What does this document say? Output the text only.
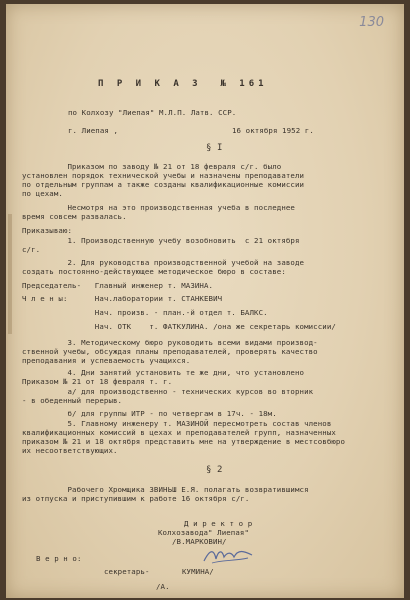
130
П Р И К А З  № 161
по Колхозу "Лиепая" М.Л.П. Латв. ССР.
г. Лиепая ,	16 октября 1952 г.
§ I
Приказом по заводу № 21 от 18 февраля с/г. было
установлен порядок технической учебы и назначены преподаватели
по отдельным группам а также созданы квалификационные комиссии
по цехам.
Несмотря на это производственная учеба в последнее
время совсем развалась.
Приказываю:
1. Производственную учебу возобновить  с 21 октября
с/г.
2. Для руководства производственной учебой на заводе
создать постоянно-действующее методическое бюро в составе:
Председатель-   Главный инженер т. МАЗИНА.
Ч л е н ы:      Нач.лаборатории т. СТАНКЕВИЧ
Нач. произв. - план.-й отдел т. БАЛКС.
Нач. ОТК    т. ФАТКУЛИНА. /она же секретарь комиссии/
3. Методическому бюро руководить всеми видами производ-
ственной учебы, обсуждая планы преподавателей, проверять качество
преподавания и успеваемость учащихся.
4. Дни занятий установить те же дни, что установлено
Приказом № 21 от 18 февраля т. г.
а/ для производственно - технических курсов во вторник
- в обеденный перерыв.
б/ для группы ИТР - по четвергам в 17ч. - 18м.
5. Главному инженеру т. МАЗИНОЙ пересмотреть состав членов
квалификационных комиссий в цехах и преподавателей групп, назначенных
приказом № 21 и 18 октября представить мне на утверждение в местсовбюро
их несоответствующих.
§ 2
Рабочего Хромщика ЗВИНЬШ Е.Я. полагать возвратившимся
из отпуска и приступившим к работе 16 октября с/г.
Д и р е к т о р
Колхозавода" Лиепая"
/В.МАРКОВИН/
В е р н о:
секретарь-	КУМИНА/
/А.
